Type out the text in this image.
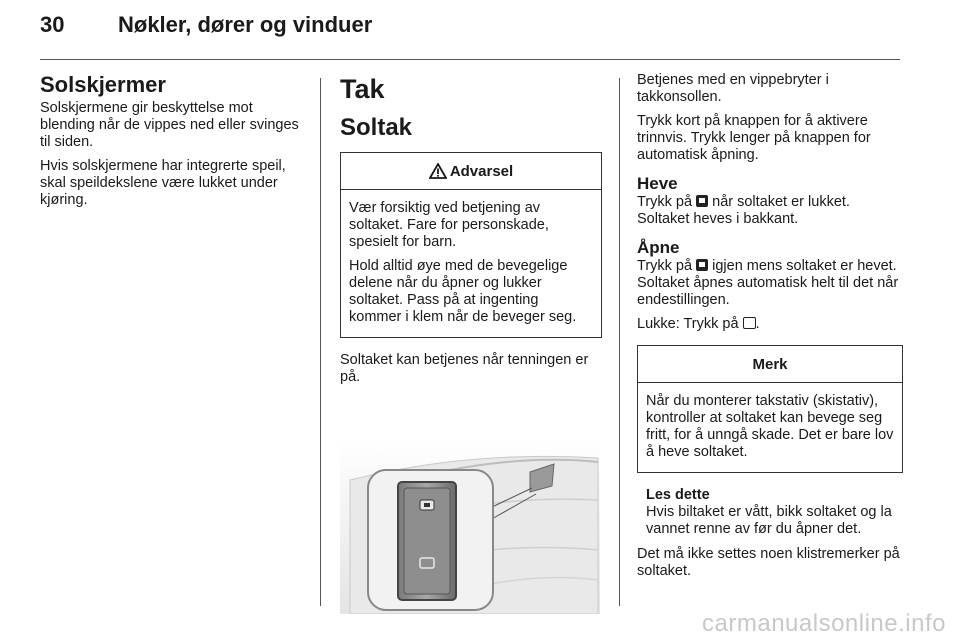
30 Nøkler, dører og vinduer
Solskjermer

Solskjermene gir beskyttelse mot blending når de vippes ned eller svinges til siden.

Hvis solskjermene har integrerte speil, skal speildekslene være lukket under kjøring.

Tak
Soltak
Advarsel

Vær forsiktig ved betjening av soltaket. Fare for personskade, spesielt for barn.

Hold alltid øye med de bevegelige delene når du åpner og lukker soltaket. Pass på at ingenting kommer i klem når de beveger seg.

Soltaket kan betjenes når tenningen er på.

Betjenes med en vippebryter i takkonsollen.

Trykk kort på knappen for å aktivere trinnvis. Trykk lenger på knappen for automatisk åpning.

Heve

Trykk på når soltaket er lukket. Soltaket heves i bakkant.

Åpne

Trykk på igjen mens soltaket er hevet. Soltaket åpnes automatisk helt til det når endestillingen.

Lukke: Trykk på .

Merk

Når du monterer takstativ (skistativ), kontroller at soltaket kan bevege seg fritt, for å unngå skade. Det er bare lov å heve soltaket.

Les dette
Hvis biltaket er vått, bikk soltaket og la vannet renne av før du åpner det.

Det må ikke settes noen klistremerker på soltaket.

carmanualsonline.info
